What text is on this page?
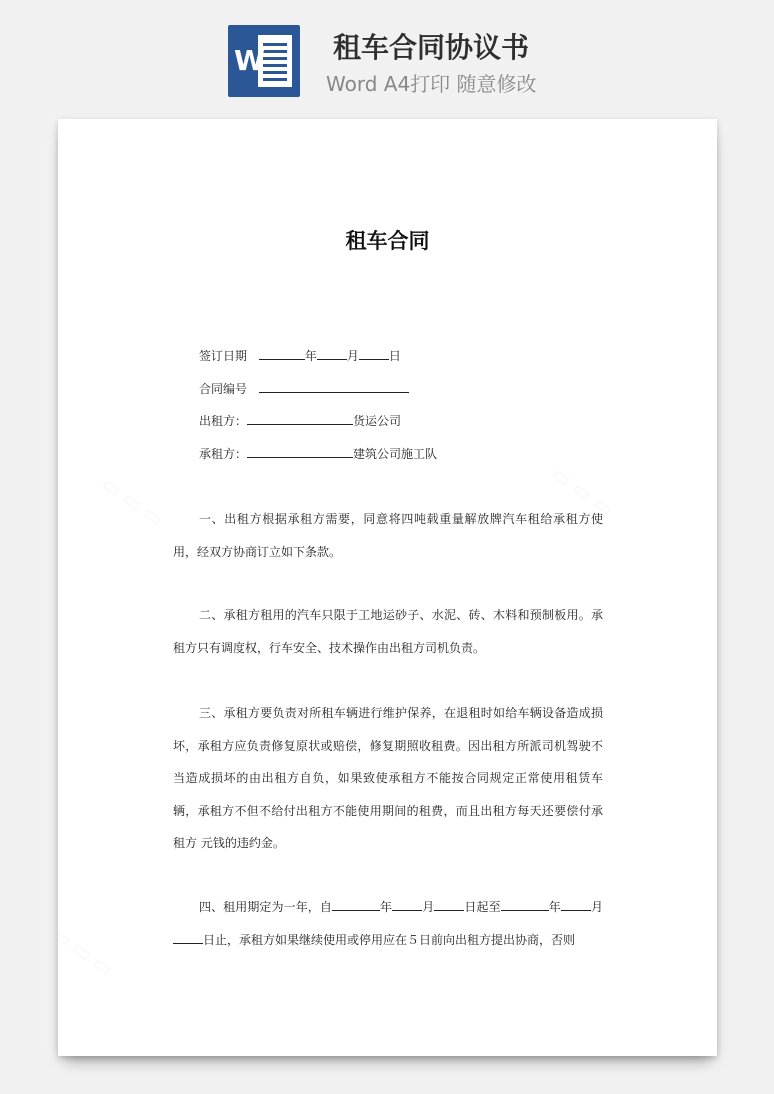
W 租车合同协议书
Word A4打印 随意修改
租车合同
签订日期	年	月	日
合同编号
出租方：	货运公司
承租方：	建筑公司施工队

一、出租方根据承租方需要，同意将四吨载重量解放牌汽车租给承租方使用，经双方协商订立如下条款。

二、承租方租用的汽车只限于工地运砂子、水泥、砖、木料和预制板用。承租方只有调度权，行车安全、技术操作由出租方司机负责。

三、承租方要负责对所租车辆进行维护保养，在退租时如给车辆设备造成损坏，承租方应负责修复原状或赔偿，修复期照收租费。因出租方所派司机驾驶不当造成损坏的由出租方自负，如果致使承租方不能按合同规定正常使用租赁车辆，承租方不但不给付出租方不能使用期间的租费，而且出租方每天还要偿付承租方 元钱的违约金。

四、租用期定为一年，自	年	月	日起至	年	月日止，承租方如果继续使用或停用应在５日前向出租方提出协商，否则
